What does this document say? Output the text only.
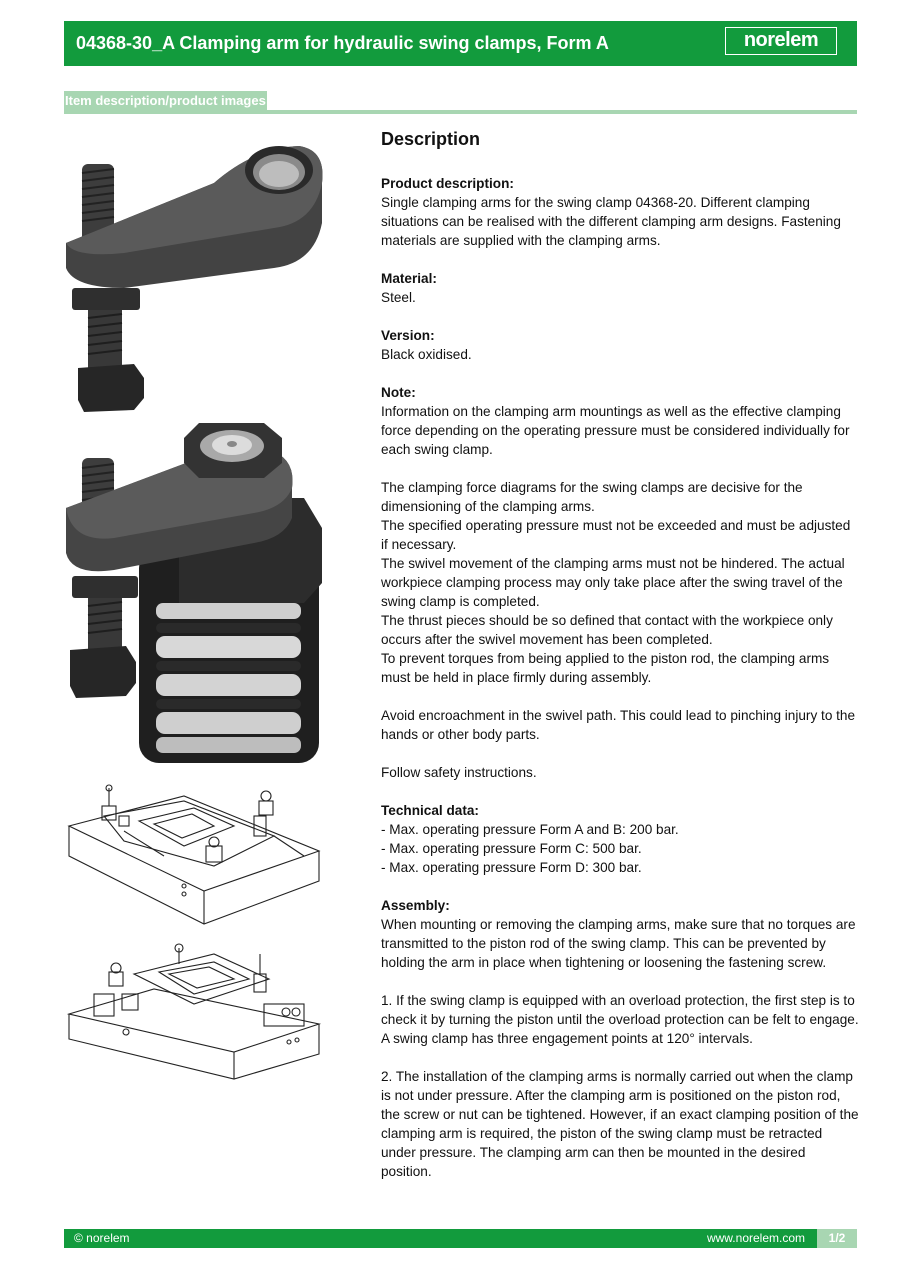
04368-30_A Clamping arm for hydraulic swing clamps, Form A	norelem
Item description/product images
Description
Product description:

Single clamping arms for the swing clamp 04368-20. Different clamping situations can be realised with the different clamping arm designs. Fastening materials are supplied with the clamping arms.

Material:

Steel.

Version:

Black oxidised.

Note:

Information on the clamping arm mountings as well as the effective clamping force depending on the operating pressure must be considered individually for each swing clamp.

The clamping force diagrams for the swing clamps are decisive for the dimensioning of the clamping arms.

The specified operating pressure must not be exceeded and must be adjusted if necessary.

The swivel movement of the clamping arms must not be hindered. The actual workpiece clamping process may only take place after the swing travel of the swing clamp is completed.

The thrust pieces should be so defined that contact with the workpiece only occurs after the swivel movement has been completed.

To prevent torques from being applied to the piston rod, the clamping arms must be held in place firmly during assembly.

Avoid encroachment in the swivel path. This could lead to pinching injury to the hands or other body parts.

Follow safety instructions.

Technical data:

- Max. operating pressure Form A and B: 200 bar.

- Max. operating pressure Form C: 500 bar.

- Max. operating pressure Form D: 300 bar.

Assembly:

When mounting or removing the clamping arms, make sure that no torques are transmitted to the piston rod of the swing clamp. This can be prevented by holding the arm in place when tightening or loosening the fastening screw.

1. If the swing clamp is equipped with an overload protection, the first step is to check it by turning the piston until the overload protection can be felt to engage. A swing clamp has three engagement points at 120° intervals.

2. The installation of the clamping arms is normally carried out when the clamp is not under pressure. After the clamping arm is positioned on the piston rod, the screw or nut can be tightened. However, if an exact clamping position of the clamping arm is required, the piston of the swing clamp must be retracted under pressure. The clamping arm can then be mounted in the desired position.

© norelem	www.norelem.com	1/2
